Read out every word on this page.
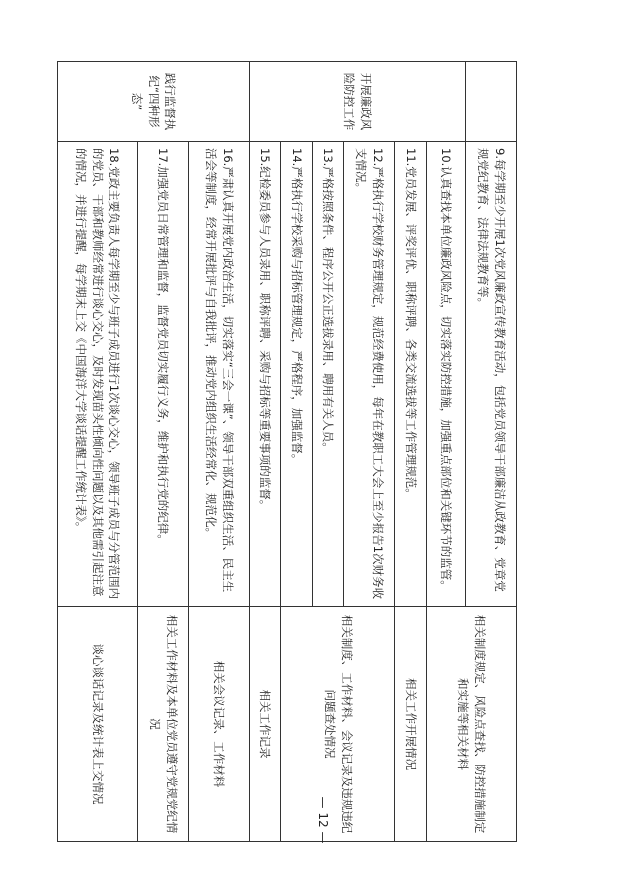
	9.每学期至少开展1次党风廉政宣传教育活动，包括党员领导干部廉洁从政教育、党章党规党纪教育、法律法规教育等。	相关制度规定、风险点查找、防控措施制定和实施等相关材料
开展廉政风险防控工作	10.认真查找本单位廉政风险点，切实落实防控措施，加强重点部位和关键环节的监管。	
	11.党员发展、评奖评优、职称评聘、各类交流选拔等工作管理规范。	相关工作开展情况
	12.严格执行学校财务管理规定，规范经费使用，每年在教职工大会上至少报告1次财务收支情况。	相关制度、工作材料、会议记录及违规违纪问题查处情况
	13.严格按照条件、程序公开公正选拔录用、聘用有关人员。	
	14.严格执行学校采购与招标管理规定，严格程序，加强监督。	
	15.纪检委员参与人员录用、职称评聘、采购与招标等重要事项的监督。	相关工作记录
践行监督执纪“四种形态”	16.严肃认真开展党内政治生活，切实落实“三会一课”、领导干部双重组织生活、民主生活会等制度，经常开展批评与自我批评，推动党内组织生活经常化、规范化。	相关会议记录、工作材料
	17.加强党员日常管理和监督，监督党员切实履行义务，维护和执行党的纪律。	相关工作材料及本单位党员遵守党规党纪情况
	18.党政主要负责人每学期至少与班子成员进行1次谈心交心，领导班子成员与分管范围内的党员、干部和教师经常进行谈心交心，及时发现苗头性倾向性问题以及其他需引起注意的情况，并进行提醒，每学期末上交《中国海洋大学谈话提醒工作统计表》。	谈心谈话记录及统计表上交情况
— 12 —
